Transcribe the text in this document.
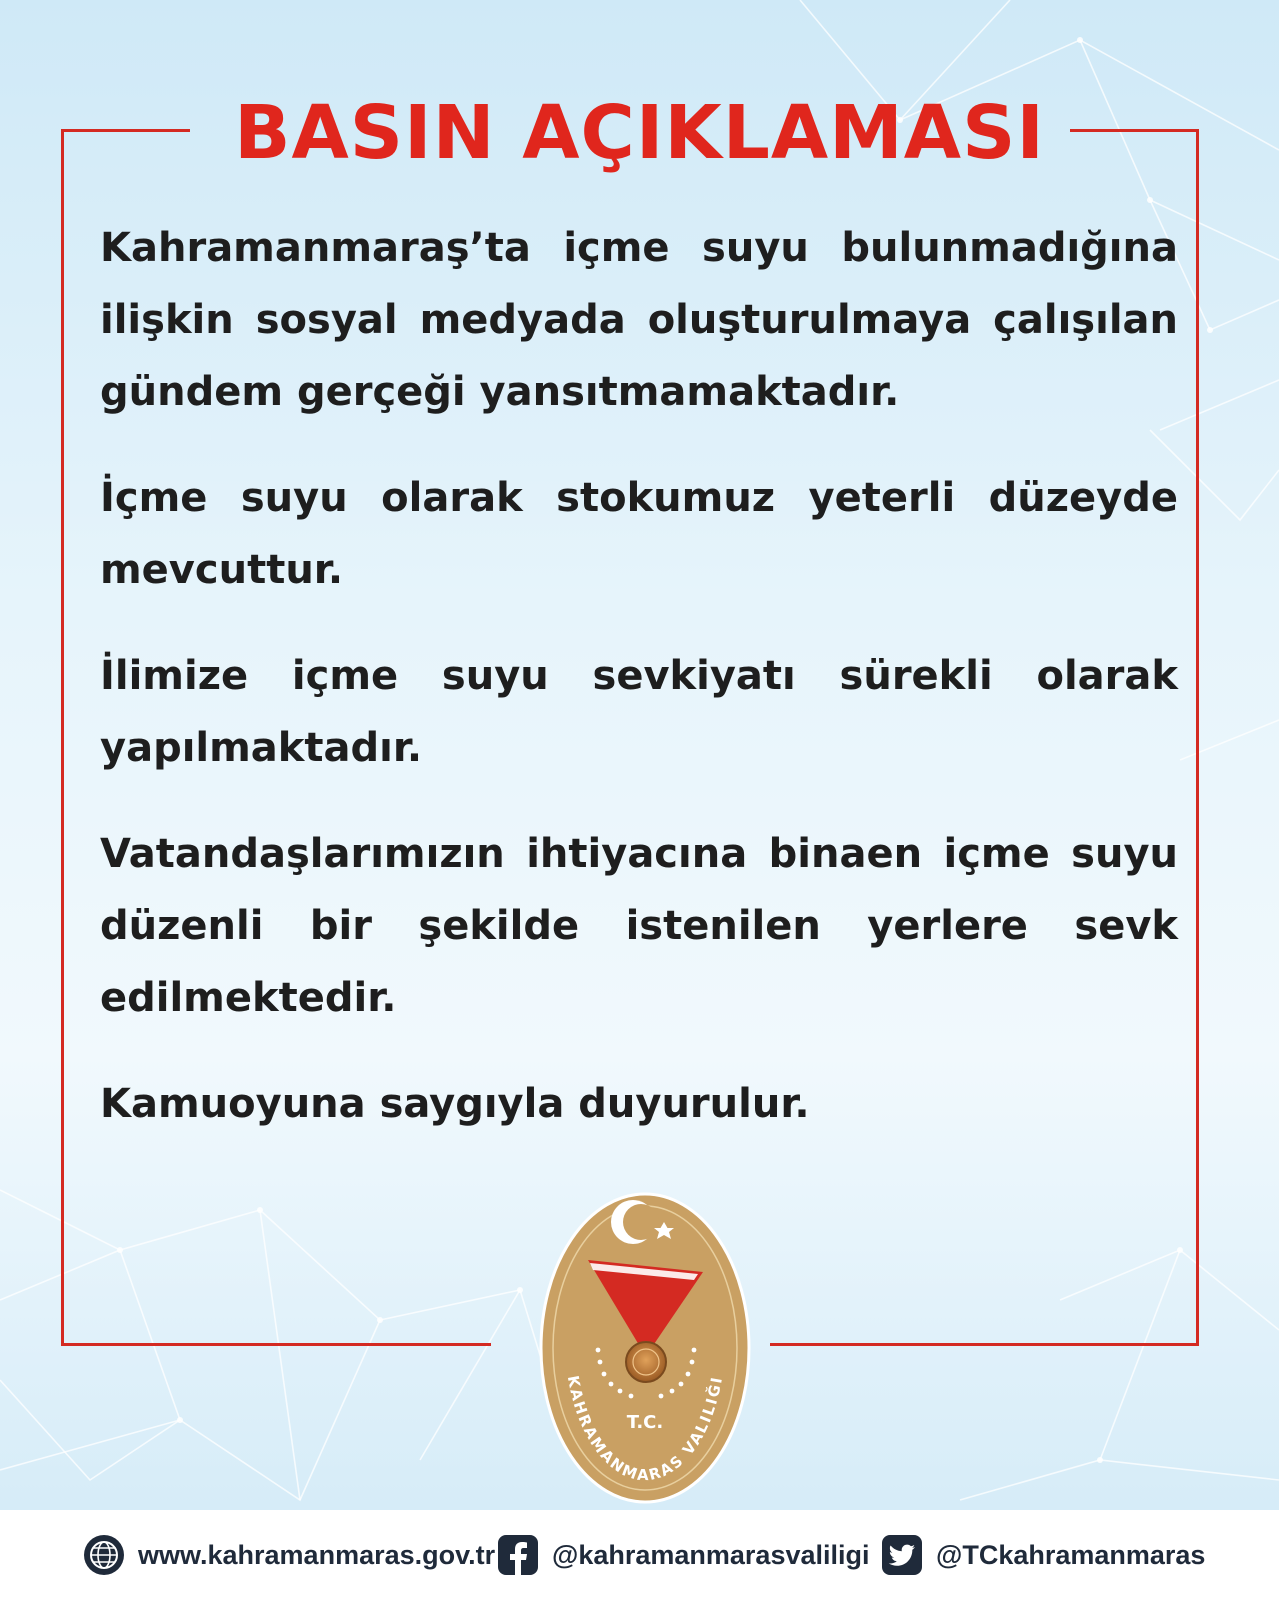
BASIN AÇIKLAMASI

Kahramanmaraş’ta içme suyu bulunmadığına ilişkin sosyal medyada oluşturulmaya çalışılan gündem gerçeği yansıtmamaktadır.

İçme suyu olarak stokumuz yeterli düzeyde mevcuttur.

İlimize içme suyu sevkiyatı sürekli olarak yapılmaktadır.

Vatandaşlarımızın ihtiyacına binaen içme suyu düzenli bir şekilde istenilen yerlere sevk edilmektedir.

Kamuoyuna saygıyla duyurulur.

T.C.
KAHRAMANMARAS VALILIĞI
www.kahramanmaras.gov.tr @kahramanmarasvaliligi @TCkahramanmaras
